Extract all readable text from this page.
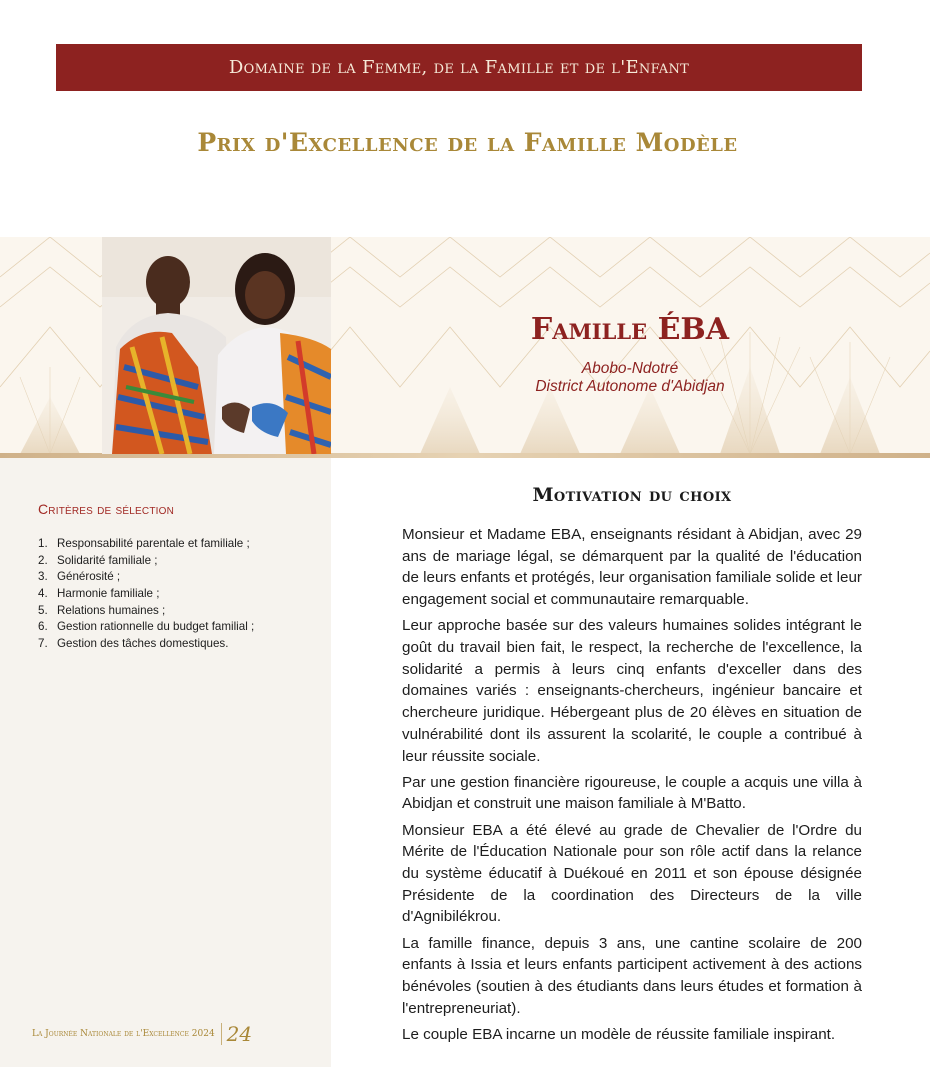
Domaine de la Femme, de la Famille et de l'Enfant
Prix d'Excellence de la Famille Modèle
Famille ÉBA
Abobo-Ndotré
District Autonome d'Abidjan
Critères de sélection
1. Responsabilité parentale et familiale ;
2. Solidarité familiale ;
3. Générosité ;
4. Harmonie familiale ;
5. Relations humaines ;
6. Gestion rationnelle du budget familial ;
7. Gestion des tâches domestiques.
Motivation du choix

Monsieur et Madame EBA, enseignants résidant à Abidjan, avec 29 ans de mariage légal, se démarquent par la qualité de l'éducation de leurs enfants et protégés, leur organisation familiale solide et leur engagement social et communautaire remarquable.

Leur approche basée sur des valeurs humaines solides intégrant le goût du travail bien fait, le respect, la recherche de l'excellence, la solidarité a permis à leurs cinq enfants d'exceller dans des domaines variés : enseignants-chercheurs, ingénieur bancaire et chercheure juridique. Hébergeant plus de 20 élèves en situation de vulnérabilité dont ils assurent la scolarité, le couple a contribué à leur réussite sociale.

Par une gestion financière rigoureuse, le couple a acquis une villa à Abidjan et construit une maison familiale à M'Batto.

Monsieur EBA a été élevé au grade de Chevalier de l'Ordre du Mérite de l'Éducation Nationale pour son rôle actif dans la relance du système éducatif à Duékoué en 2011 et son épouse désignée Présidente de la coordination des Directeurs de la ville d'Agnibilékrou.

La famille finance, depuis 3 ans, une cantine scolaire de 200 enfants à Issia et leurs enfants participent activement à des actions bénévoles (soutien à des étudiants dans leurs études et formation à l'entrepreneuriat).

Le couple EBA incarne un modèle de réussite familiale inspirant.

La Journée Nationale de l'Excellence 2024 24
